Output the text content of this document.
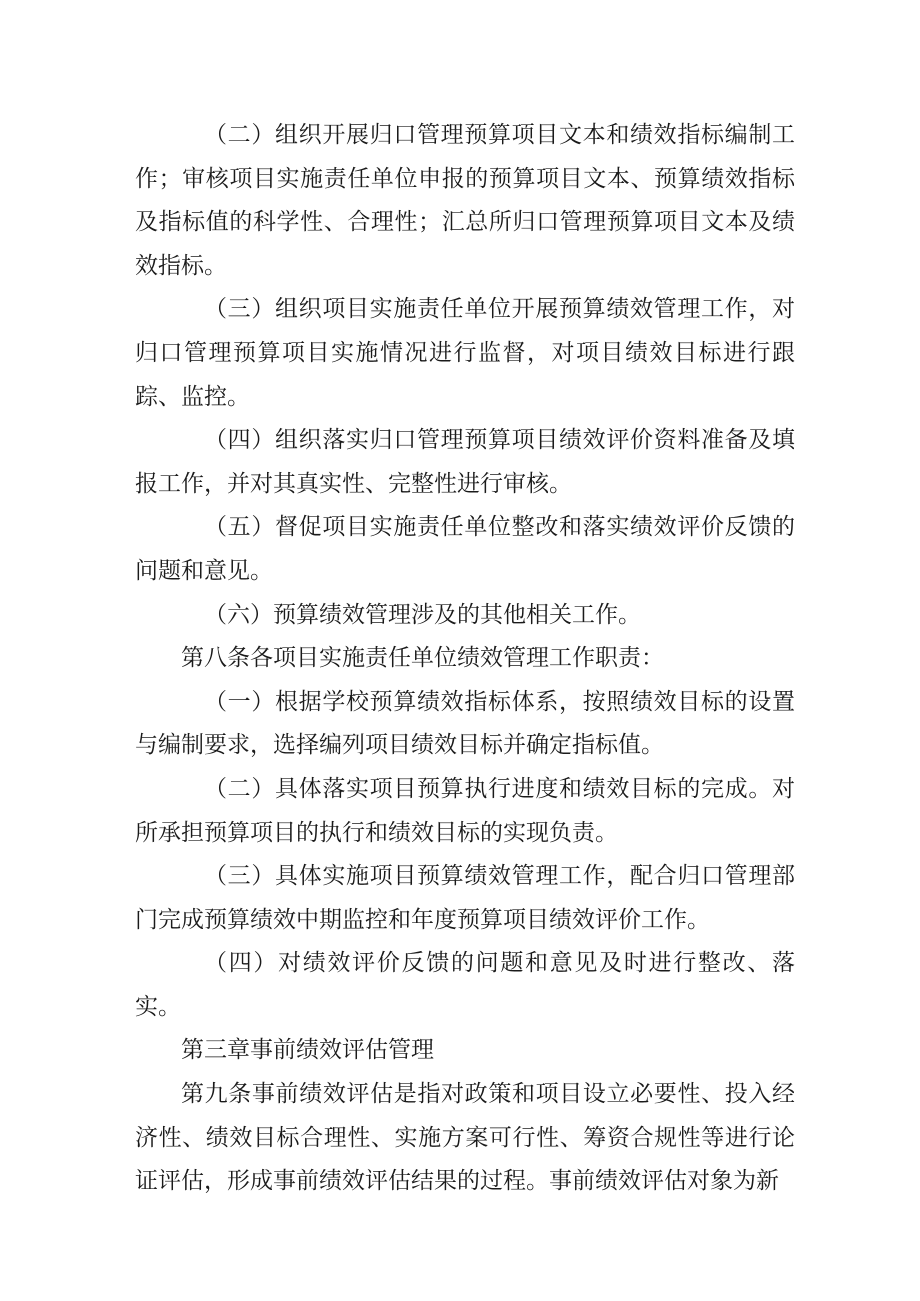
（二）组织开展归口管理预算项目文本和绩效指标编制工作；审核项目实施责任单位申报的预算项目文本、预算绩效指标及指标值的科学性、合理性；汇总所归口管理预算项目文本及绩效指标。

（三）组织项目实施责任单位开展预算绩效管理工作，对归口管理预算项目实施情况进行监督，对项目绩效目标进行跟踪、监控。

（四）组织落实归口管理预算项目绩效评价资料准备及填报工作，并对其真实性、完整性进行审核。

（五）督促项目实施责任单位整改和落实绩效评价反馈的问题和意见。

（六）预算绩效管理涉及的其他相关工作。

第八条各项目实施责任单位绩效管理工作职责：

（一）根据学校预算绩效指标体系，按照绩效目标的设置与编制要求，选择编列项目绩效目标并确定指标值。

（二）具体落实项目预算执行进度和绩效目标的完成。对所承担预算项目的执行和绩效目标的实现负责。

（三）具体实施项目预算绩效管理工作，配合归口管理部门完成预算绩效中期监控和年度预算项目绩效评价工作。

（四）对绩效评价反馈的问题和意见及时进行整改、落实。

第三章事前绩效评估管理

第九条事前绩效评估是指对政策和项目设立必要性、投入经济性、绩效目标合理性、实施方案可行性、筹资合规性等进行论证评估，形成事前绩效评估结果的过程。事前绩效评估对象为新
